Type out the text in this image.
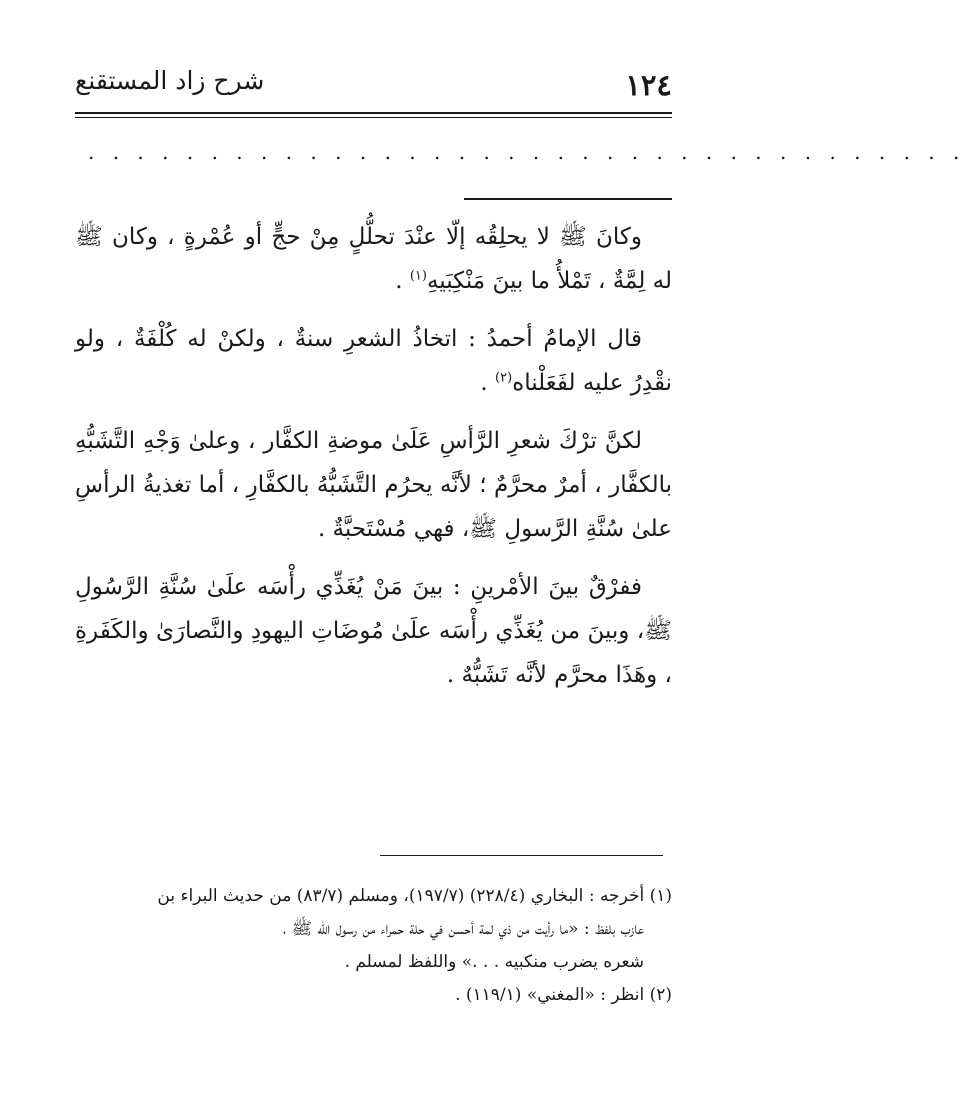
١٢٤
شرح زاد المستقنع
. . . . . . . . . . . . . . . . . . . . . . . . . . . . . . . . . . . .

وكانَ ﷺ لا يحلِقُه إلّا عنْدَ تحلُّلٍ مِنْ حجٍّ أو عُمْرةٍ ، وكان ﷺ له لِمَّةٌ ، تَمْلأُ ما بينَ مَنْكِبَيهِ$^{(١)}$ .

قال الإمامُ أحمدُ : اتخاذُ الشعرِ سنةٌ ، ولكنْ له كُلْفَةٌ ، ولو نقْدِرُ عليه لفَعَلْناه$^{(٢)}$ .

لكنَّ ترْكَ شعرِ الرَّأسِ عَلَىٰ موضةِ الكفَّار ، وعلىٰ وَجْهِ التَّشَبُّهِ بالكفَّار ، أمرٌ محرَّمٌ ؛ لأنَّه يحرُم التَّشَبُّهُ بالكفَّارِ ، أما تغذيةُ الرأسِ علىٰ سُنَّةِ الرَّسولِ ﷺ، فهي مُسْتَحبَّةٌ .

ففرْقٌ بينَ الأمْرينِ : بينَ مَنْ يُغَذِّي رأْسَه علَىٰ سُنَّةِ الرَّسُولِ ﷺ، وبينَ من يُغَذِّي رأْسَه علَىٰ مُوضَاتِ اليهودِ والنَّصارَىٰ والكَفَرةِ ، وهَذَا محرَّم لأنَّه تَشَبُّهٌ .

(١) أخرجه : البخاري (٢٢٨/٤) (١٩٧/٧)، ومسلم (٨٣/٧) من حديث البراء بن

عازب بلفظ : «ما رأيت من ذي لمة أحسن في حلة حمراء من رسول الله ﷺ ،

شعره يضرب منكبيه . . .» واللفظ لمسلم .

(٢) انظر : «المغني» (١١٩/١) .
